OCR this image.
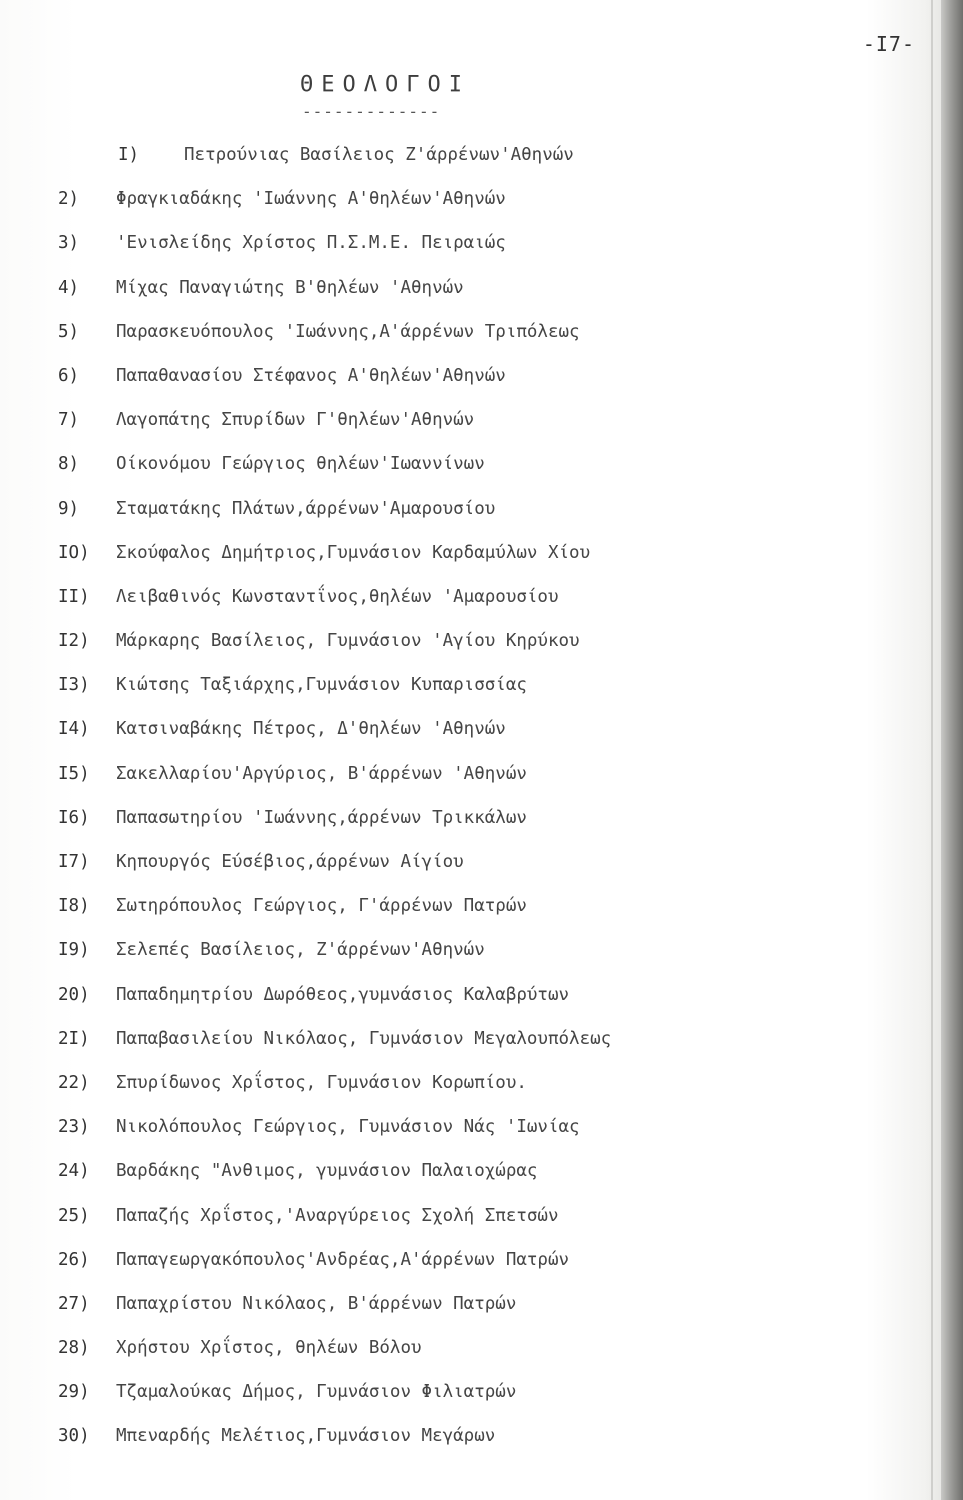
-I7-
ΘΕΟΛΟΓΟΙ
-------------
I)	Πετρούνιας Βασίλειος Ζ'άρρένων'Αθηνών
2)	Φραγκιαδάκης 'Ιωάννης Α'θηλέων'Αθηνών
3)	'Ενισλείδης Χρίστος Π.Σ.Μ.Ε. Πειραιώς
4)	Μίχας Παναγιώτης Β'θηλέων 'Αθηνών
5)	Παρασκευόπουλος 'Ιωάννης,Α'άρρένων Τριπόλεως
6)	Παπαθανασίου Στέφανος Α'θηλέων'Αθηνών
7)	Λαγοπάτης Σπυρίδων Γ'θηλέων'Αθηνών
8)	Οίκονόμου Γεώργιος θηλέων'Ιωαννίνων
9)	Σταματάκης Πλάτων,άρρένων'Αμαρουσίου
IO)	Σκούφαλος Δημήτριος,Γυμνάσιον Καρδαμύλων Χίου
II)	Λειβαθινός Κωνσταντΐνος,θηλέων 'Αμαρουσίου
I2)	Μάρκαρης Βασίλειος, Γυμνάσιον 'Αγίου Κηρύκου
I3)	Κιώτσης Ταξιάρχης,Γυμνάσιον Κυπαρισσίας
I4)	Κατσιναβάκης Πέτρος, Δ'θηλέων 'Αθηνών
I5)	Σακελλαρίου'Αργύριος, Β'άρρένων 'Αθηνών
I6)	Παπασωτηρίου 'Ιωάννης,άρρένων Τρικκάλων
I7)	Κηπουργός Εύσέβιος,άρρένων Αίγίου
I8)	Σωτηρόπουλος Γεώργιος, Γ'άρρένων Πατρών
I9)	Σελεπές Βασίλειος, Ζ'άρρένων'Αθηνών
20)	Παπαδημητρίου Δωρόθεος,γυμνάσιος Καλαβρύτων
2I)	Παπαβασιλείου Νικόλαος, Γυμνάσιον Μεγαλουπόλεως
22)	Σπυρίδωνος Χρΐστος, Γυμνάσιον Κορωπίου.
23)	Νικολόπουλος Γεώργιος, Γυμνάσιον Νάς 'Ιωνίας
24)	Βαρδάκης "Ανθιμος, γυμνάσιον Παλαιοχώρας
25)	Παπαζής Χρΐστος,'Αναργύρειος Σχολή Σπετσών
26)	Παπαγεωργακόπουλος'Ανδρέας,Α'άρρένων Πατρών
27)	Παπαχρίστου Νικόλαος, Β'άρρένων Πατρών
28)	Χρήστου Χρΐστος, θηλέων Βόλου
29)	Τζαμαλούκας Δήμος, Γυμνάσιον Φιλιατρών
30)	Μπεναρδής Μελέτιος,Γυμνάσιον Μεγάρων
